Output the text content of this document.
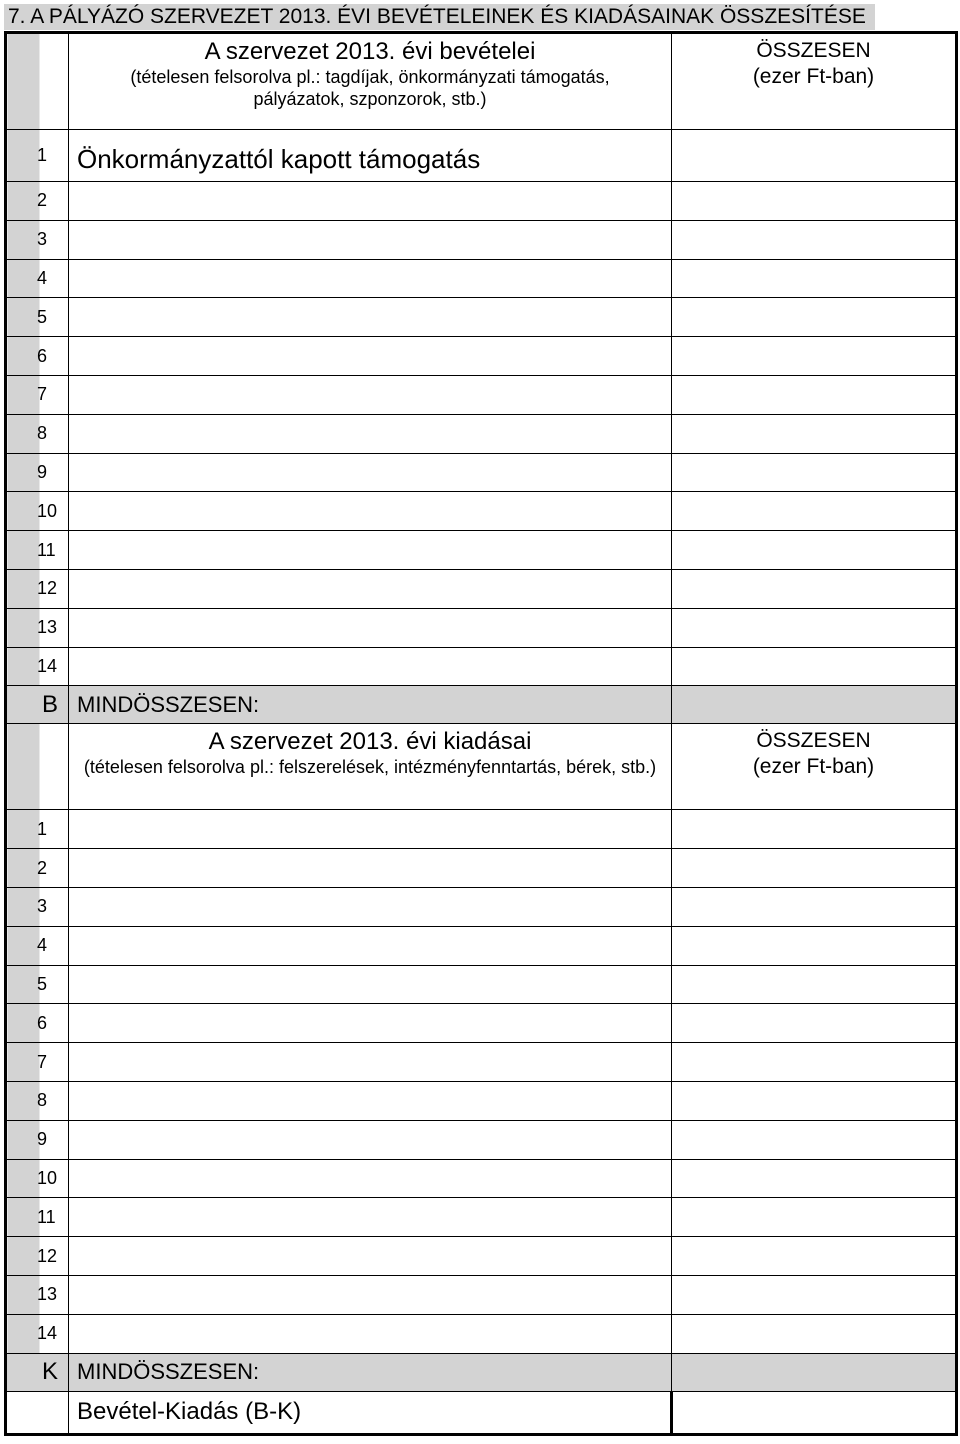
7. A PÁLYÁZÓ SZERVEZET 2013. ÉVI BEVÉTELEINEK ÉS KIADÁSAINAK ÖSSZESÍTÉSE

	A szervezet 2013. évi bevételei
(tételesen felsorolva pl.: tagdíjak, önkormányzati támogatás, pályázatok, szponzorok, stb.)	ÖSSZESEN
(ezer Ft-ban)

1	Önkormányzattól kapott támogatás	
2		
3		
4		
5		
6		
7		
8		
9		
10		
11		
12		
13		
14		
B	MINDÖSSZESEN:	

	A szervezet 2013. évi kiadásai
(tételesen felsorolva pl.: felszerelések, intézményfenntartás, bérek, stb.)	ÖSSZESEN
(ezer Ft-ban)

1		
2		
3		
4		
5		
6		
7		
8		
9		
10		
11		
12		
13		
14		
K	MINDÖSSZESEN:	
	Bevétel-Kiadás (B-K)	
